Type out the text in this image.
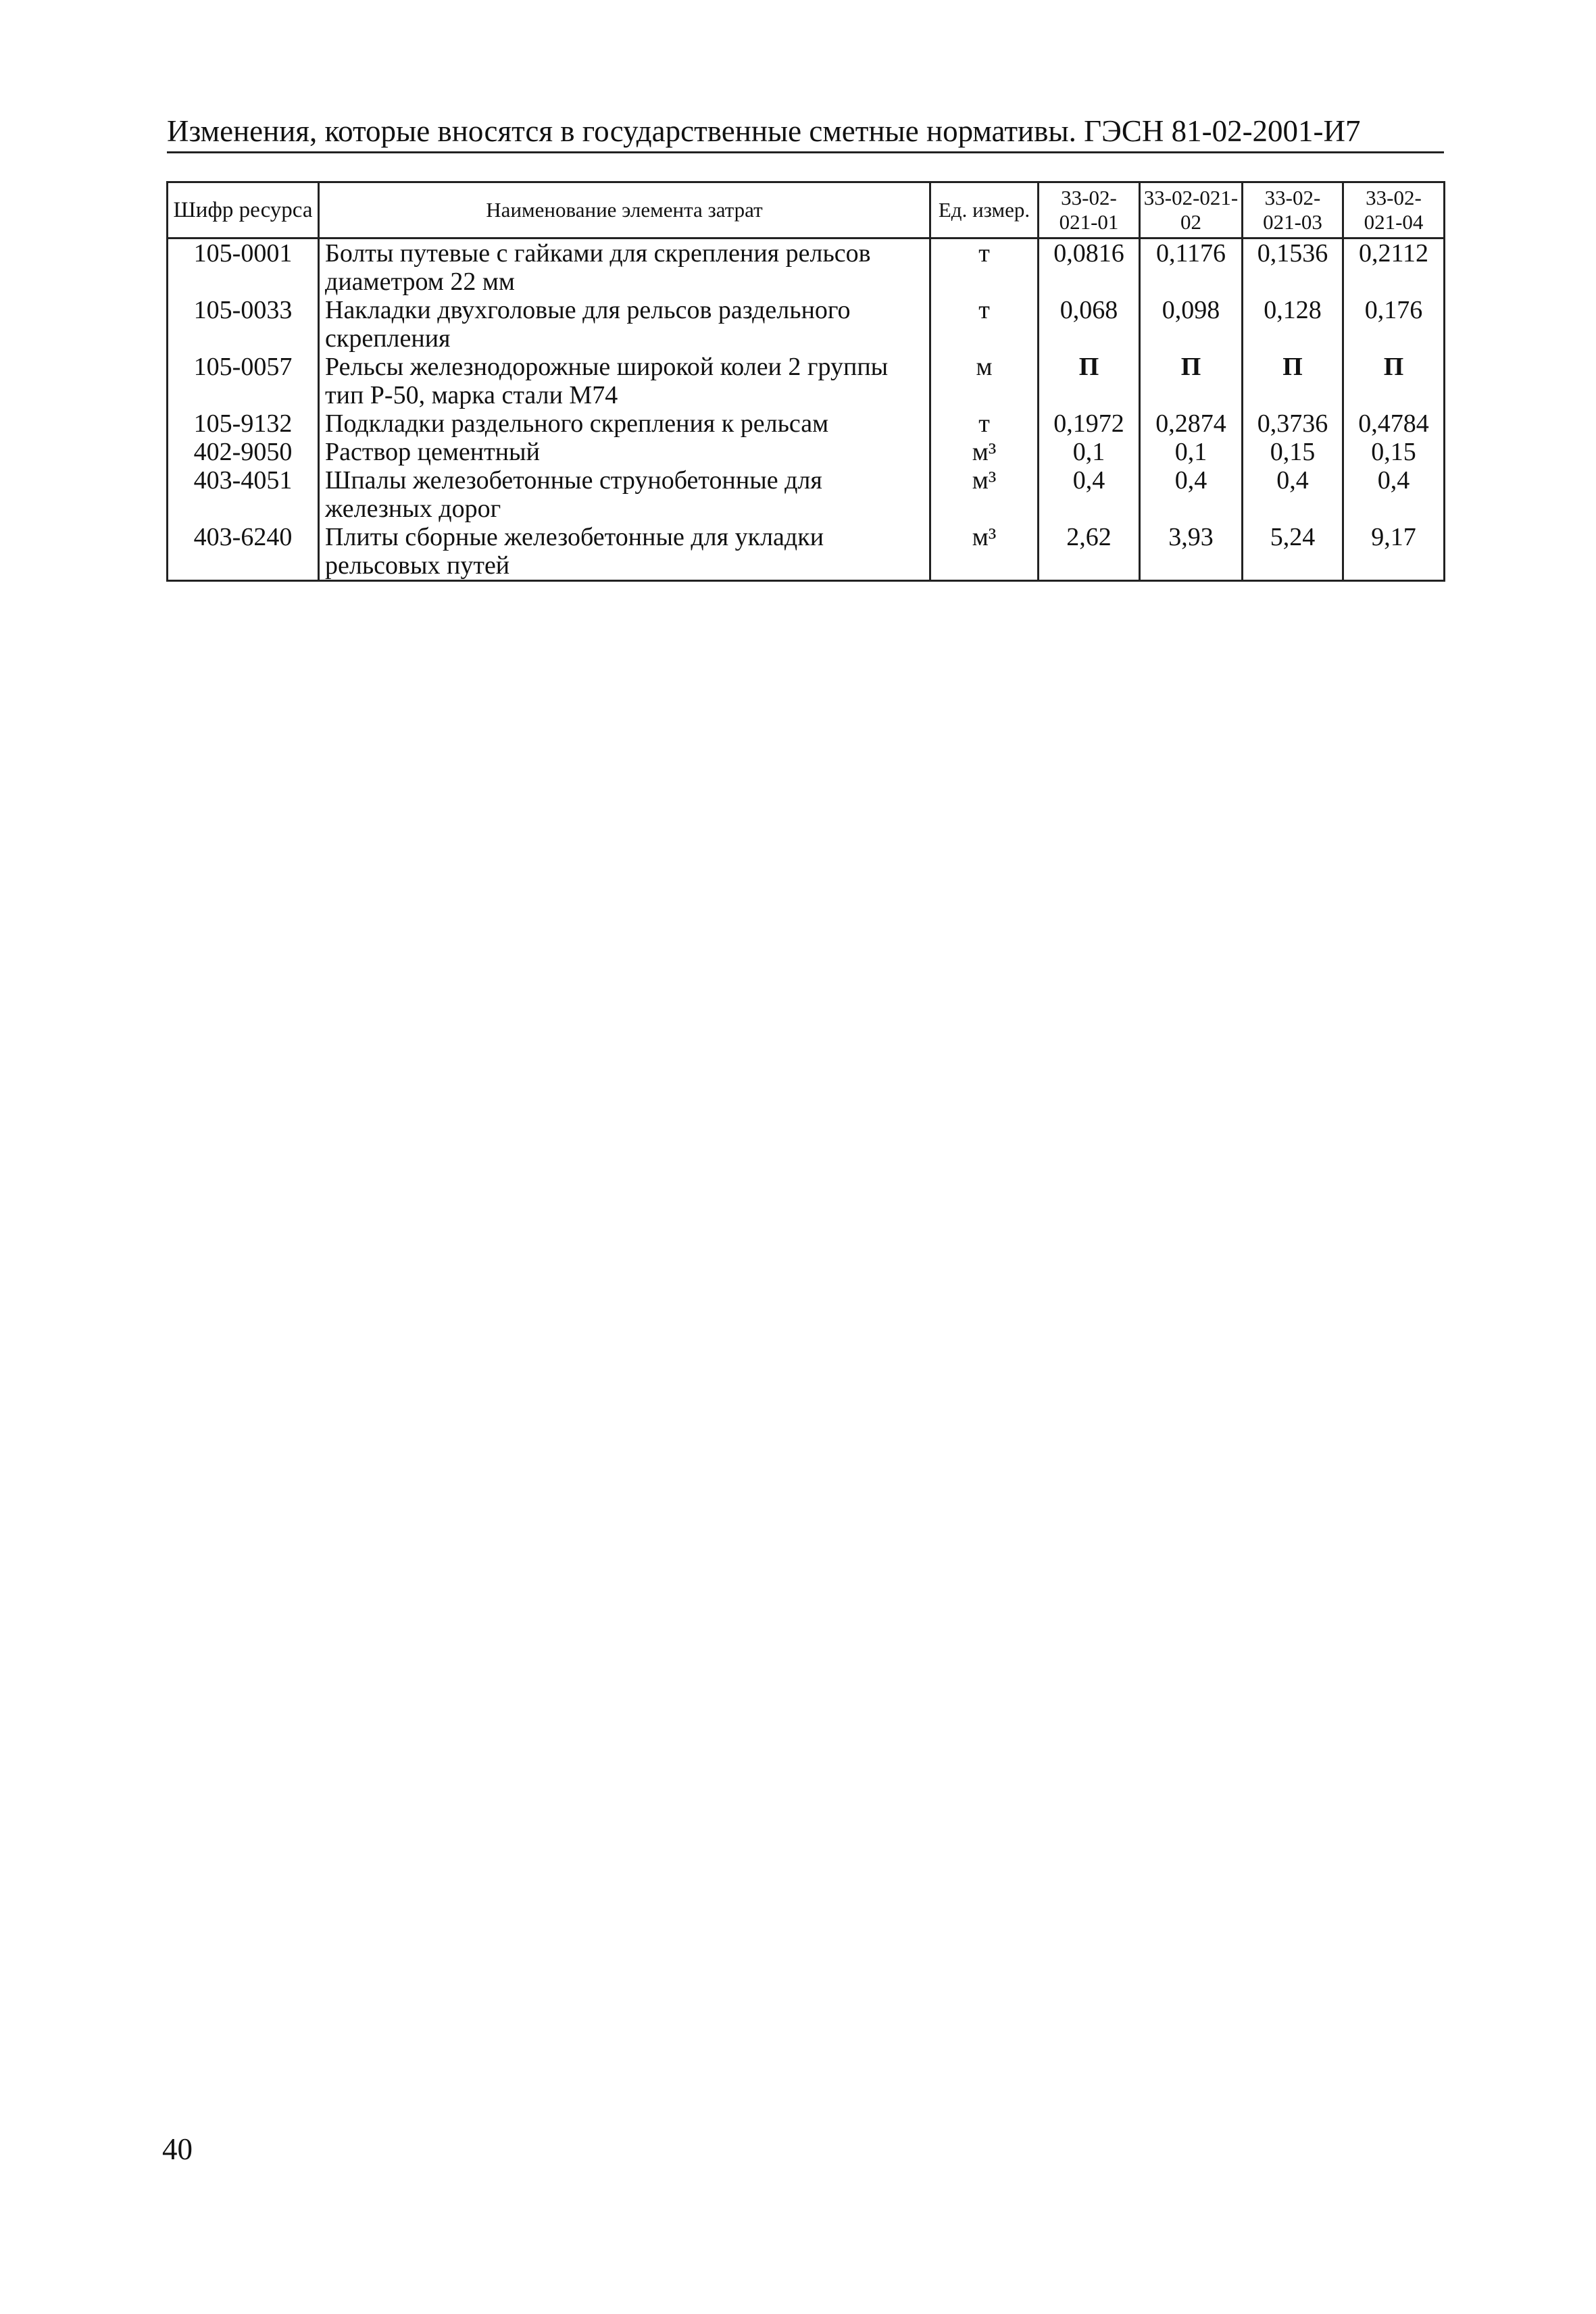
Изменения, которые вносятся в государственные сметные нормативы. ГЭСН 81-02-2001-И7
Шифр ресурса	Наименование элемента затрат	Ед. измер.	33-02-021-01	33-02-021-02	33-02-021-03	33-02-021-04
105-0001	Болты путевые с гайками для скрепления рельсов диаметром 22 мм	т	0,0816	0,1176	0,1536	0,2112
105-0033	Накладки двухголовые для рельсов раздельного скрепления	т	0,068	0,098	0,128	0,176
105-0057	Рельсы железнодорожные широкой колеи 2 группы тип Р-50, марка стали М74	м	П	П	П	П
105-9132	Подкладки раздельного скрепления к рельсам	т	0,1972	0,2874	0,3736	0,4784
402-9050	Раствор цементный	м³	0,1	0,1	0,15	0,15
403-4051	Шпалы железобетонные струнобетонные для железных дорог	м³	0,4	0,4	0,4	0,4
403-6240	Плиты сборные железобетонные для укладки рельсовых путей	м³	2,62	3,93	5,24	9,17
40
